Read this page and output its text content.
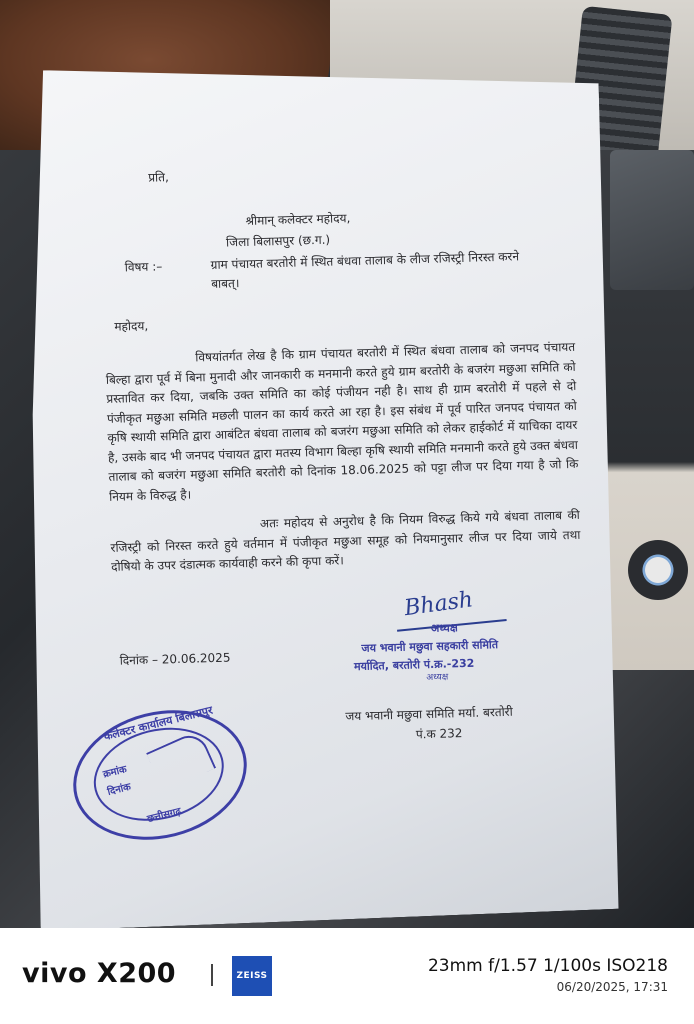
प्रति,
श्रीमान् कलेक्टर महोदय,
जिला बिलासपुर (छ.ग.)
विषय :–	ग्राम पंचायत बरतोरी में स्थित बंधवा तालाब के लीज रजिस्ट्री निरस्त करने बाबत्।
महोदय,
विषयांतर्गत लेख है कि ग्राम पंचायत बरतोरी में स्थित बंधवा तालाब को जनपद पंचायत बिल्हा द्वारा पूर्व में बिना मुनादी और जानकारी क मनमानी करते हुये ग्राम बरतोरी के बजरंग मछुआ समिति को प्रस्तावित कर दिया, जबकि उक्त समिति का कोई पंजीयन नही है। साथ ही ग्राम बरतोरी में पहले से दो पंजीकृत मछुआ समिति मछली पालन का कार्य करते आ रहा है। इस संबंध में पूर्व पारित जनपद पंचायत को कृषि स्थायी समिति द्वारा आबंटित बंधवा तालाब को बजरंग मछुआ समिति को लेकर हाईकोर्ट में याचिका दायर है, उसके बाद भी जनपद पंचायत द्वारा मतस्य विभाग बिल्हा कृषि स्थायी समिति मनमानी करते हुये उक्त बंधवा तालाब को बजरंग मछुआ समिति बरतोरी को दिनांक 18.06.2025 को पट्टा लीज पर दिया गया है जो कि नियम के विरुद्ध है।
अतः महोदय से अनुरोध है कि नियम विरुद्ध किये गये बंधवा तालाब की रजिस्ट्री को निरस्त करते हुये वर्तमान में पंजीकृत मछुआ समूह को नियमानुसार लीज पर दिया जाये तथा दोषियो के उपर दंडात्मक कार्यवाही करने की कृपा करें।
दिनांक – 20.06.2025
Bhash
अध्यक्ष
जय भवानी मछुवा सहकारी समिति
मर्यादित, बरतोरी पं.क्र.-232
अध्यक्ष
जय भवानी मछुवा समिति मर्या. बरतोरी
पं.क 232
कलेक्टर कार्यालय बिलासपुर
क्रमांक
दिनांक
छत्तीसगढ़
vivo X200	ZEISS	23mm f/1.57 1/100s ISO218
06/20/2025, 17:31
